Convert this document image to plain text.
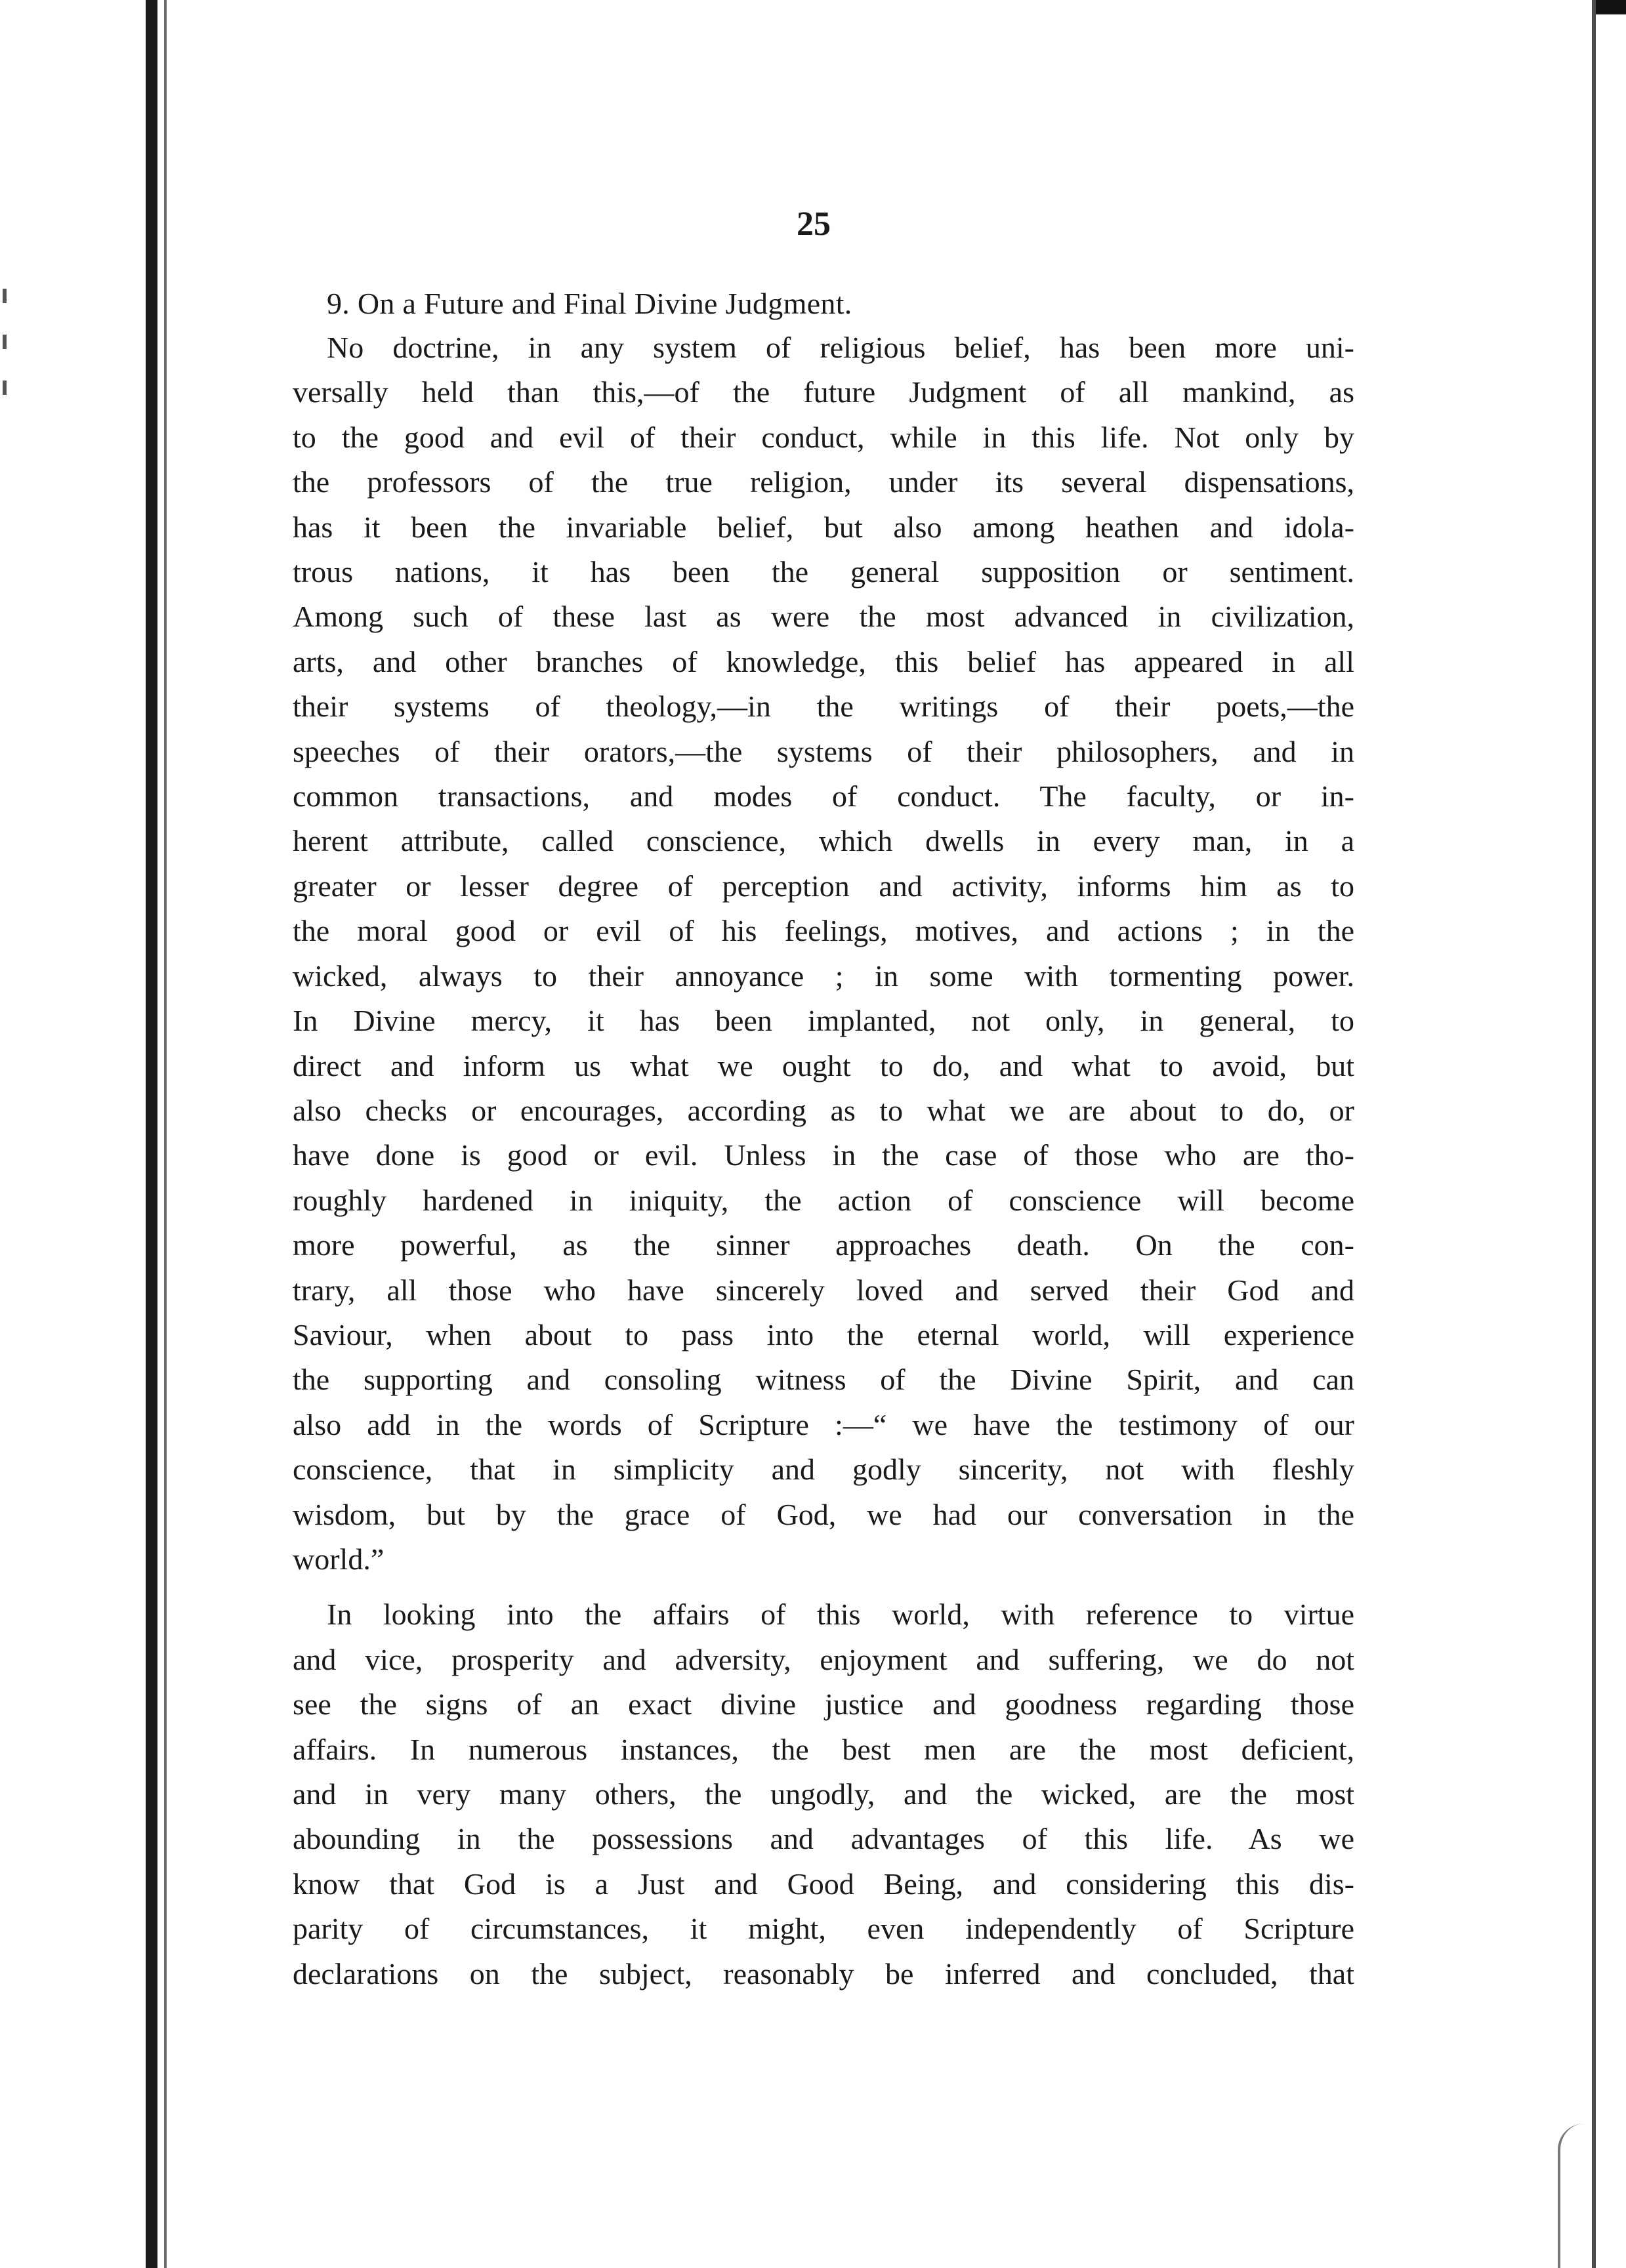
25

9. On a Future and Final Divine Judgment.

No doctrine, in any system of religious belief, has been more uni-
versally held than this,—of the future Judgment of all mankind, as
to the good and evil of their conduct, while in this life. Not only by
the professors of the true religion, under its several dispensations,
has it been the invariable belief, but also among heathen and idola-
trous nations, it has been the general supposition or sentiment.
Among such of these last as were the most advanced in civilization,
arts, and other branches of knowledge, this belief has appeared in all
their systems of theology,—in the writings of their poets,—the
speeches of their orators,—the systems of their philosophers, and in
common transactions, and modes of conduct. The faculty, or in-
herent attribute, called conscience, which dwells in every man, in a
greater or lesser degree of perception and activity, informs him as to
the moral good or evil of his feelings, motives, and actions ; in the
wicked, always to their annoyance ; in some with tormenting power.
In Divine mercy, it has been implanted, not only, in general, to
direct and inform us what we ought to do, and what to avoid, but
also checks or encourages, according as to what we are about to do, or
have done is good or evil. Unless in the case of those who are tho-
roughly hardened in iniquity, the action of conscience will become
more powerful, as the sinner approaches death. On the con-
trary, all those who have sincerely loved and served their God and
Saviour, when about to pass into the eternal world, will experience
the supporting and consoling witness of the Divine Spirit, and can
also add in the words of Scripture :—“ we have the testimony of our
conscience, that in simplicity and godly sincerity, not with fleshly
wisdom, but by the grace of God, we had our conversation in the
world.”

In looking into the affairs of this world, with reference to virtue
and vice, prosperity and adversity, enjoyment and suffering, we do not
see the signs of an exact divine justice and goodness regarding those
affairs. In numerous instances, the best men are the most deficient,
and in very many others, the ungodly, and the wicked, are the most
abounding in the possessions and advantages of this life. As we
know that God is a Just and Good Being, and considering this dis-
parity of circumstances, it might, even independently of Scripture
declarations on the subject, reasonably be inferred and concluded, that
